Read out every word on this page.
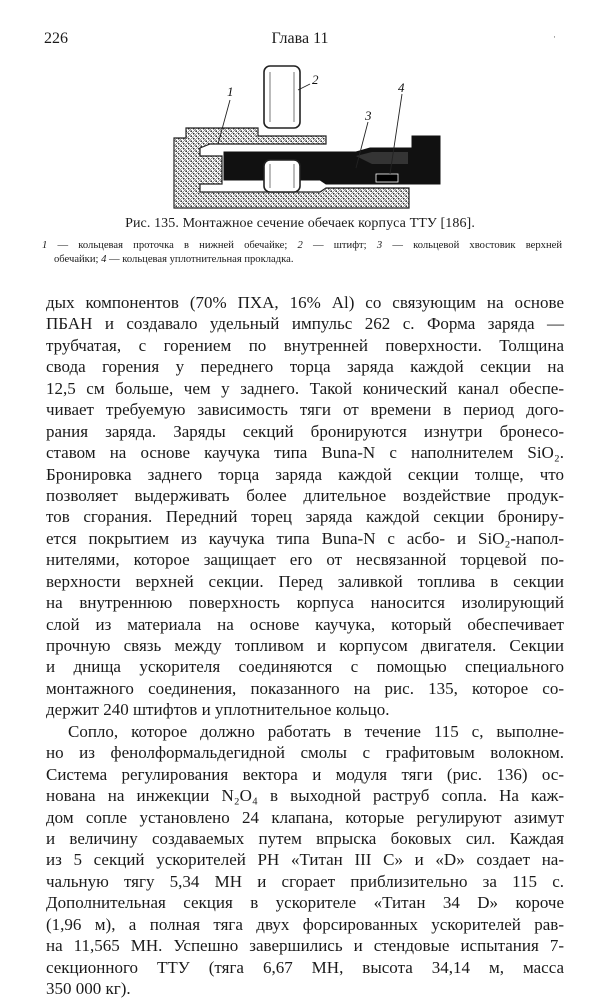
226	Глава 11	·
1
2
3
4
Рис. 135. Монтажное сечение обечаек корпуса ТТУ [186].
1 — кольцевая проточка в нижней обечайке; 2 — штифт; 3 — кольцевой хвостовик верхней
обечайки; 4 — кольцевая уплотнительная прокладка.
дых компонентов (70% ПХА, 16% Al) со связующим на основе
ПБАН и создавало удельный импульс 262 с. Форма заряда —
трубчатая, с горением по внутренней поверхности. Толщина
свода горения у переднего торца заряда каждой секции на
12,5 см больше, чем у заднего. Такой конический канал обеспе-
чивает требуемую зависимость тяги от времени в период дого-
рания заряда. Заряды секций бронируются изнутри бронесо-
ставом на основе каучука типа Buna-N с наполнителем SiO₂.
Бронировка заднего торца заряда каждой секции толще, что
позволяет выдерживать более длительное воздействие продук-
тов сгорания. Передний торец заряда каждой секции брониру-
ется покрытием из каучука типа Buna-N с асбо- и SiO₂-напол-
нителями, которое защищает его от несвязанной торцевой по-
верхности верхней секции. Перед заливкой топлива в секции
на внутреннюю поверхность корпуса наносится изолирующий
слой из материала на основе каучука, который обеспечивает
прочную связь между топливом и корпусом двигателя. Секции
и днища ускорителя соединяются с помощью специального
монтажного соединения, показанного на рис. 135, которое со-
держит 240 штифтов и уплотнительное кольцо.
Сопло, которое должно работать в течение 115 с, выполне-
но из фенолформальдегидной смолы с графитовым волокном.
Система регулирования вектора и модуля тяги (рис. 136) ос-
нована на инжекции N₂O₄ в выходной раструб сопла. На каж-
дом сопле установлено 24 клапана, которые регулируют азимут
и величину создаваемых путем впрыска боковых сил. Каждая
из 5 секций ускорителей РН «Титан III С» и «D» создает на-
чальную тягу 5,34 МН и сгорает приблизительно за 115 с.
Дополнительная секция в ускорителе «Титан 34 D» короче
(1,96 м), а полная тяга двух форсированных ускорителей рав-
на 11,565 МН. Успешно завершились и стендовые испытания 7-
секционного ТТУ (тяга 6,67 МН, высота 34,14 м, масса
350 000 кг).
